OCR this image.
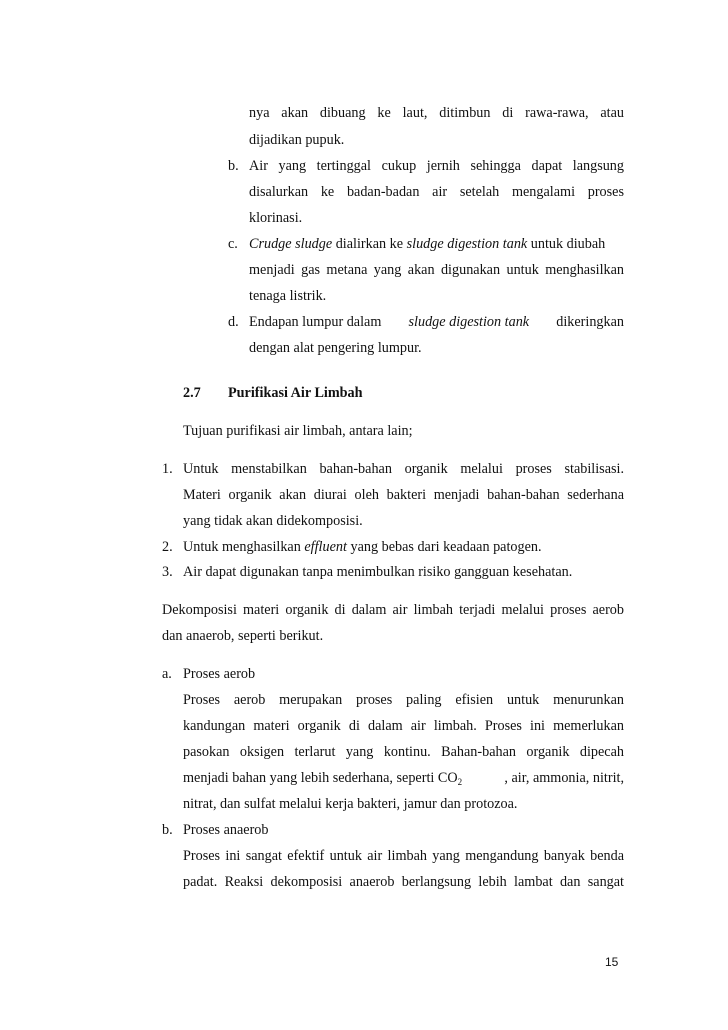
nya akan dibuang ke laut, ditimbun di rawa-rawa, atau
dijadikan pupuk.
b. Air yang tertinggal cukup jernih sehingga dapat langsung
disalurkan ke badan-badan air setelah mengalami proses
klorinasi.
c. Crudge sludge dialirkan ke sludge digestion tank untuk diubah
menjadi gas metana yang akan digunakan untuk menghasilkan
tenaga listrik.
d. Endapan lumpur dalam sludge digestion tank dikeringkan
dengan alat pengering lumpur.
2.7 Purifikasi Air Limbah
Tujuan purifikasi air limbah, antara lain;
1. Untuk menstabilkan bahan-bahan organik melalui proses stabilisasi.
Materi organik akan diurai oleh bakteri menjadi bahan-bahan sederhana
yang tidak akan didekomposisi.
2. Untuk menghasilkan effluent yang bebas dari keadaan patogen.
3. Air dapat digunakan tanpa menimbulkan risiko gangguan kesehatan.
Dekomposisi materi organik di dalam air limbah terjadi melalui proses aerob
dan anaerob, seperti berikut.
a. Proses aerob
Proses aerob merupakan proses paling efisien untuk menurunkan
kandungan materi organik di dalam air limbah. Proses ini memerlukan
pasokan oksigen terlarut yang kontinu. Bahan-bahan organik dipecah
menjadi bahan yang lebih sederhana, seperti $CO_2$	, air, ammonia, nitrit,
nitrat, dan sulfat melalui kerja bakteri, jamur dan protozoa.
b. Proses anaerob
Proses ini sangat efektif untuk air limbah yang mengandung banyak benda
padat. Reaksi dekomposisi anaerob berlangsung lebih lambat dan sangat
15
